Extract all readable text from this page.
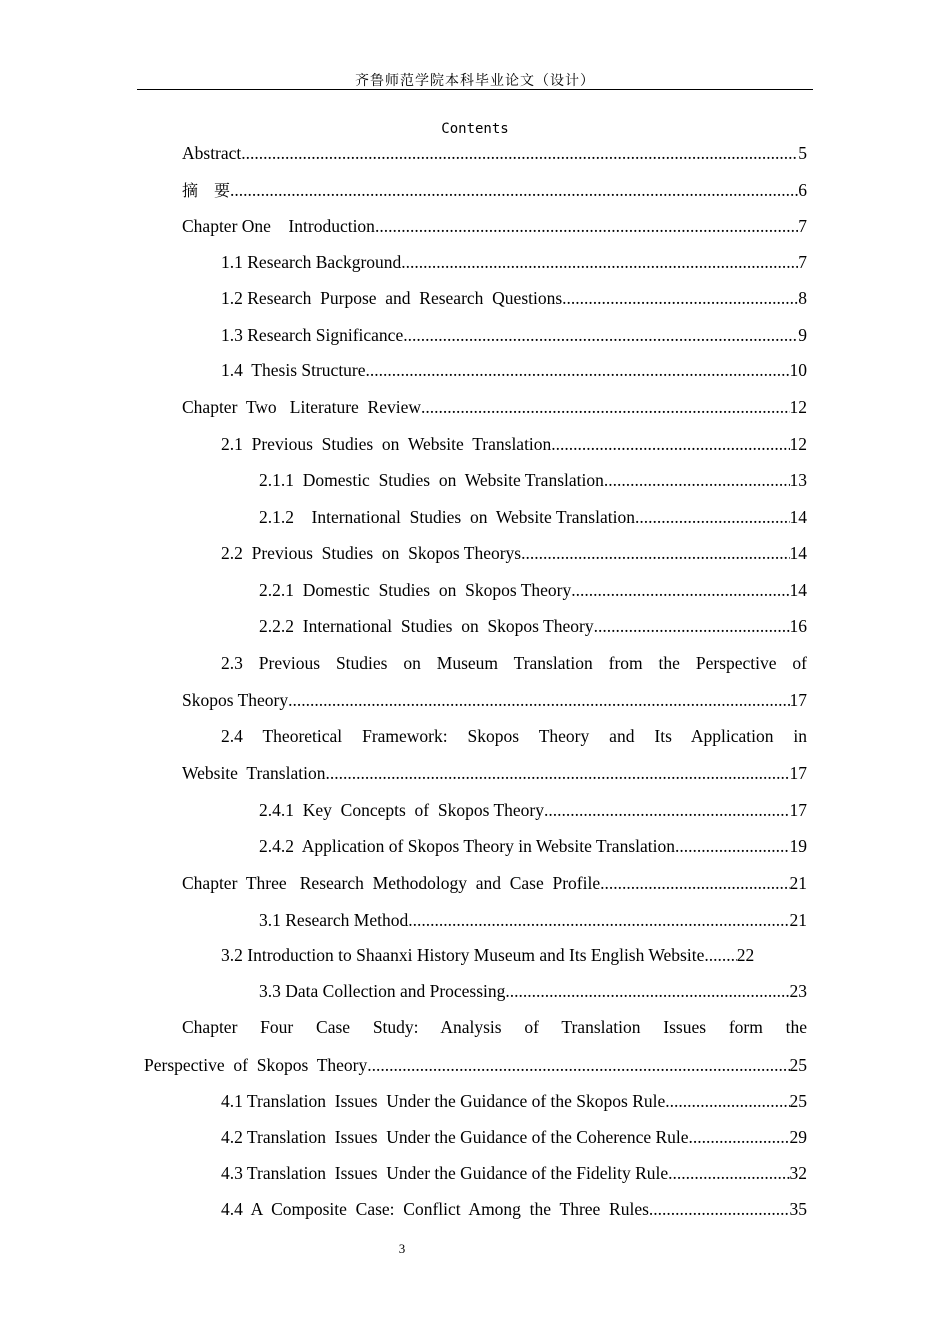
齐鲁师范学院本科毕业论文（设计）
Contents
Abstract .....	5
摘　要 .....	6
Chapter One　Introduction .....	7
1.1 Research Background .....	7
1.2 Research  Purpose  and  Research  Questions .....	8
1.3 Research Significance .....	9
1.4  Thesis Structure .....	10
Chapter  Two   Literature  Review .....	12
2.1  Previous  Studies  on  Website  Translation .....	12
2.1.1  Domestic  Studies  on  Website Translation .....	13
2.1.2    International  Studies  on  Website Translation .....	14
2.2  Previous  Studies  on  Skopos Theorys .....	14
2.2.1  Domestic  Studies  on  Skopos Theory .....	14
2.2.2  International  Studies  on  Skopos Theory .....	16
2.3 Previous Studies on Museum Translation from the Perspective of
Skopos Theory .....	17
2.4 Theoretical Framework: Skopos Theory and Its Application in
Website  Translation .....	17
2.4.1  Key  Concepts  of  Skopos Theory .....	17
2.4.2  Application of Skopos Theory in Website Translation .....	19
Chapter  Three   Research  Methodology  and  Case  Profile .....	21
3.1 Research Method .....	21
3.2 Introduction to Shaanxi History Museum and Its English Website. ..... 22
3.3 Data Collection and Processing .....	23
Chapter Four Case Study: Analysis of Translation Issues form the
Perspective  of  Skopos  Theory .....	25
4.1 Translation  Issues  Under the Guidance of the Skopos Rule .....	25
4.2 Translation  Issues  Under the Guidance of the Coherence Rule .....	29
4.3 Translation  Issues  Under the Guidance of the Fidelity Rule .....	32
4.4  A  Composite  Case:  Conflict  Among  the  Three  Rules .....	35
3
